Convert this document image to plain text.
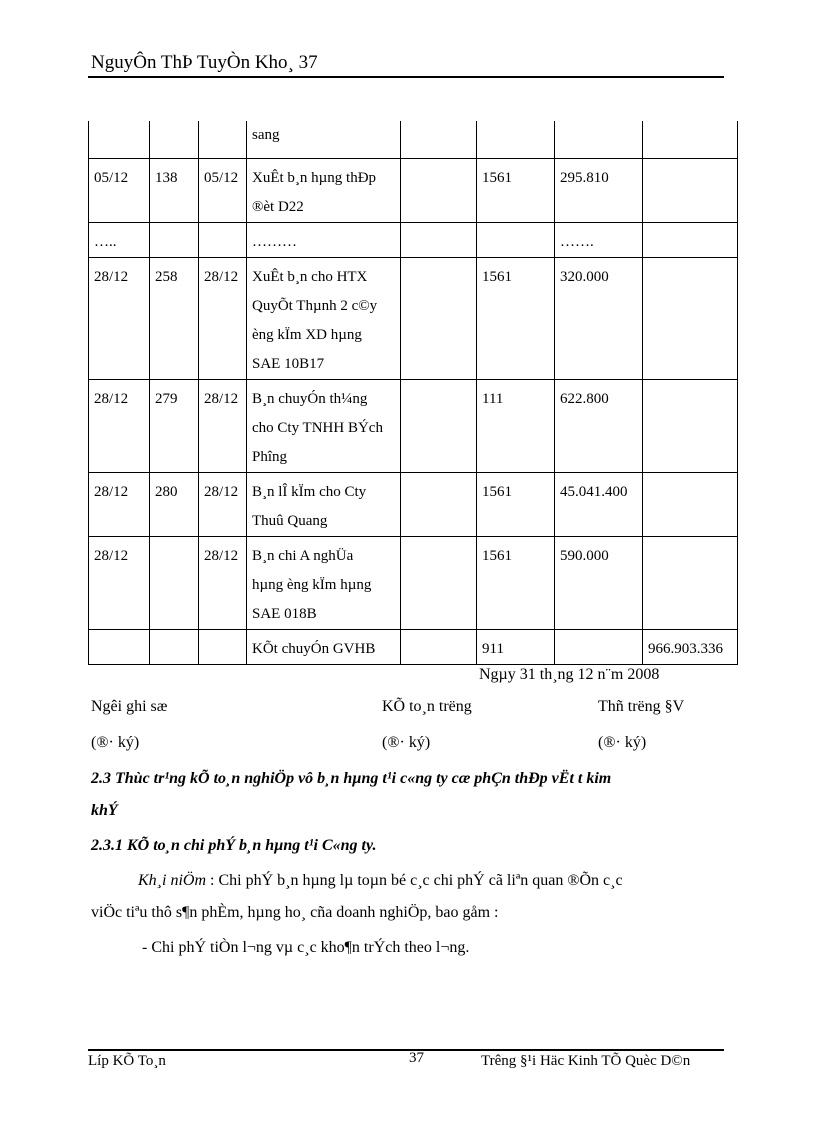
NguyÔn ThÞ TuyÒn Kho¸ 37
			sang				
05/12	138	05/12	XuÊt b¸n hµng thÐp
®èt D22		1561	295.810	
…..			………			…….	
28/12	258	28/12	XuÊt b¸n cho HTX
QuyÕt Thµnh 2 c©y
èng kÏm XD hµng
SAE 10B17		1561	320.000	
28/12	279	28/12	B¸n chuyÓn th¼ng
cho Cty TNHH BÝch
Phîng		111	622.800	
28/12	280	28/12	B¸n lÎ kÏm cho Cty
Thuû Quang		1561	45.041.400	
28/12		28/12	B¸n chi A nghÜa
hµng èng kÏm hµng
SAE 018B		1561	590.000	
			KÕt chuyÓn GVHB		911		966.903.336
Ngµy 31 th¸ng 12 n¨m 2008
Ngêi ghi sæ	KÕ to¸n trëng	Thñ trëng §V
(®· ký)	(®· ký)	(®· ký)
2.3 Thùc tr¹ng kÕ to¸n nghiÖp vô b¸n hµng t¹i c«ng ty cæ phÇn thÐp vËt t kim
khÝ
2.3.1 KÕ to¸n chi phÝ b¸n hµng t¹i C«ng ty.
Kh¸i niÖm : Chi phÝ b¸n hµng lµ toµn bé c¸c chi phÝ cã liªn quan ®Õn c¸c
viÖc tiªu thô s¶n phÈm, hµng ho¸ cña doanh nghiÖp, bao gåm :
- Chi phÝ tiÒn l¬ng vµ c¸c kho¶n trÝch theo l¬ng.
Líp KÕ To¸n	37	Trêng §¹i Häc Kinh TÕ Quèc D©n
